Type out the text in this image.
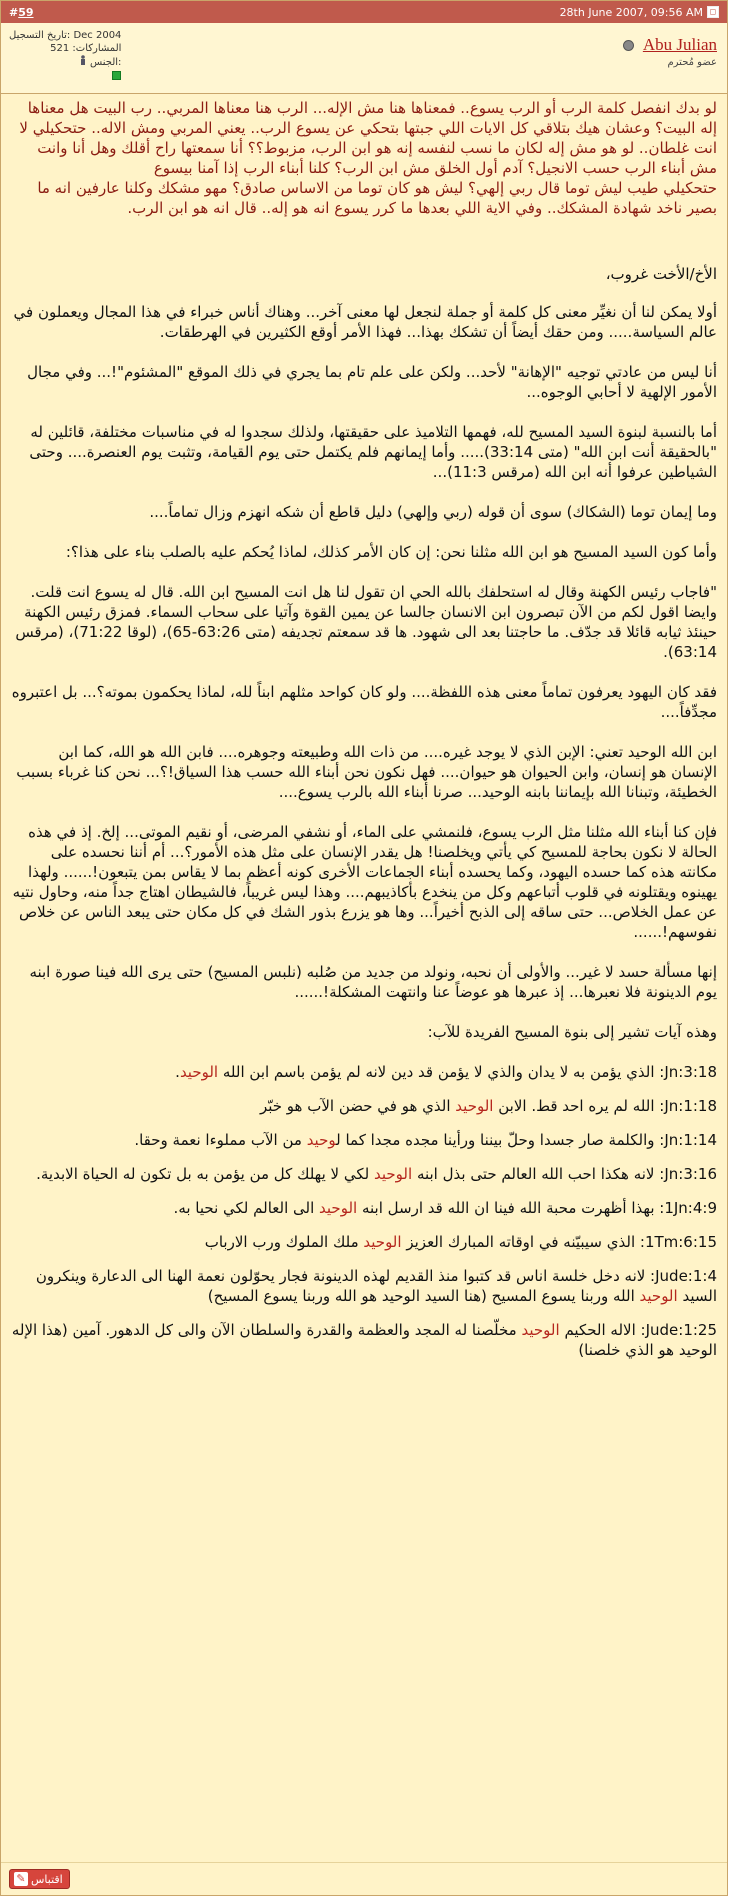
#59	28th June 2007, 09:56 AM ◻
تاريخ التسجيل: Dec 2004
المشاركات: 521
الجنس:
Abu Julian
عضو مُحترم
لو بدك انفصل كلمة الرب أو الرب يسوع.. فمعناها هنا مش الإله... الرب هنا معناها المربي.. رب البيت هل معناها إله البيت؟ وعشان هيك بتلاقي كل الايات اللي جبتها بتحكي عن يسوع الرب.. يعني المربي ومش الاله.. حتحكيلي لا انت غلطان.. لو هو مش إله لكان ما نسب لنفسه إنه هو ابن الرب، مزبوط؟؟ أنا سمعتها راح أقلك وهل أنا وانت مش أبناء الرب حسب الانجيل؟ آدم أول الخلق مش ابن الرب؟ كلنا أبناء الرب إذا آمنا بيسوع
حتحكيلي طيب ليش توما قال ربي إلهي؟ ليش هو كان توما من الاساس صادق؟ مهو مشكك وكلنا عارفين انه ما بصير ناخد شهادة المشكك.. وفي الاية اللي بعدها ما كرر يسوع انه هو إله.. قال انه هو ابن الرب.
الأخ/الأخت غروب،
أولا يمكن لنا أن نغيِّر معنى كل كلمة أو جملة لنجعل لها معنى آخر... وهناك أناس خبراء في هذا المجال ويعملون في عالم السياسة..... ومن حقك أيضاً أن تشكك بهذا... فهذا الأمر أوقع الكثيرين في الهرطقات.
أنا ليس من عادتي توجيه "الإهانة" لأحد... ولكن على علم تام بما يجري في ذلك الموقع "المشئوم"!... وفي مجال الأمور الإلهية لا أحابي الوجوه...
أما بالنسبة لبنوة السيد المسيح لله، فهمها التلاميذ على حقيقتها، ولذلك سجدوا له في مناسبات مختلفة، قائلين له "بالحقيقة أنت ابن الله" (متى 33:14)..... وأما إيمانهم فلم يكتمل حتى يوم القيامة، وتثبت يوم العنصرة.... وحتى الشياطين عرفوا أنه ابن الله (مرقس 11:3)...
وما إيمان توما (الشكاك) سوى أن قوله (ربي وإلهي) دليل قاطع أن شكه انهزم وزال تماماً....
وأما كون السيد المسيح هو ابن الله مثلنا نحن: إن كان الأمر كذلك، لماذا يُحكم عليه بالصلب بناء على هذا؟:
"فاجاب رئيس الكهنة وقال له استحلفك بالله الحي ان تقول لنا هل انت المسيح ابن الله. قال له يسوع انت قلت. وايضا اقول لكم من الآن تبصرون ابن الانسان جالسا عن يمين القوة وآتيا على سحاب السماء. فمزق رئيس الكهنة حينئذ ثيابه قائلا قد جدّف. ما حاجتنا بعد الى شهود. ها قد سمعتم تجديفه (متى 63:26-65)، (لوقا 71:22)، (مرقس 63:14).
فقد كان اليهود يعرفون تماماً معنى هذه اللفظة.... ولو كان كواحد مثلهم ابناً لله، لماذا يحكمون بموته؟... بل اعتبروه مجدِّفاً....
ابن الله الوحيد تعني: الإبن الذي لا يوجد غيره.... من ذات الله وطبيعته وجوهره.... فابن الله هو الله، كما ابن الإنسان هو إنسان، وابن الحيوان هو حيوان.... فهل نكون نحن أبناء الله حسب هذا السياق!؟... نحن كنا غرباء بسبب الخطيئة، وتبنانا الله بإيماننا بابنه الوحيد... صرنا أبناء الله بالرب يسوع....
فإن كنا أبناء الله مثلنا مثل الرب يسوع، فلنمشي على الماء، أو نشفي المرضى، أو نقيم الموتى... إلخ. إذ في هذه الحالة لا نكون بحاجة للمسيح كي يأتي ويخلصنا! هل يقدر الإنسان على مثل هذه الأمور؟... أم أننا نحسده على مكانته هذه كما حسده اليهود، وكما يحسده أبناء الجماعات الأخرى كونه أعظم بما لا يقاس بمن يتبعون!...... ولهذا يهينوه ويقتلونه في قلوب أتباعهم وكل من ينخدع بأكاذيبهم.... وهذا ليس غريباً، فالشيطان اهتاج جداً منه، وحاول نتيه عن عمل الخلاص... حتى ساقه إلى الذبح أخيراً... وها هو يزرع بذور الشك في كل مكان حتى يبعد الناس عن خلاص نفوسهم!......
إنها مسألة حسد لا غير... والأولى أن نحبه، ونولد من جديد من صُلبه (نلبس المسيح) حتى يرى الله فينا صورة ابنه يوم الدينونة فلا نعبرها... إذ عبرها هو عوضاً عنا وانتهت المشكلة!......
وهذه آيات تشير إلى بنوة المسيح الفريدة للآب:
Jn:3:18: الذي يؤمن به لا يدان والذي لا يؤمن قد دين لانه لم يؤمن باسم ابن الله الوحيد.
Jn:1:18: الله لم يره احد قط. الابن الوحيد الذي هو في حضن الآب هو خبّر
Jn:1:14: والكلمة صار جسدا وحلّ بيننا ورأينا مجده مجدا كما لوحيد من الآب مملوءا نعمة وحقا.
Jn:3:16: لانه هكذا احب الله العالم حتى بذل ابنه الوحيد لكي لا يهلك كل من يؤمن به بل تكون له الحياة الابدية.
1Jn:4:9: بهذا أظهرت محبة الله فينا ان الله قد ارسل ابنه الوحيد الى العالم لكي نحيا به.
1Tm:6:15: الذي سيبيّنه في اوقاته المبارك العزيز الوحيد ملك الملوك ورب الارباب
Jude:1:4: لانه دخل خلسة اناس قد كتبوا منذ القديم لهذه الدينونة فجار يحوّلون نعمة الهنا الى الدعارة وينكرون السيد الوحيد الله وربنا يسوع المسيح (هنا السيد الوحيد هو الله وربنا يسوع المسيح)
Jude:1:25: الاله الحكيم الوحيد مخلّصنا له المجد والعظمة والقدرة والسلطان الآن والى كل الدهور. آمين (هذا الإله الوحيد هو الذي خلصنا)
✎ اقتباس
